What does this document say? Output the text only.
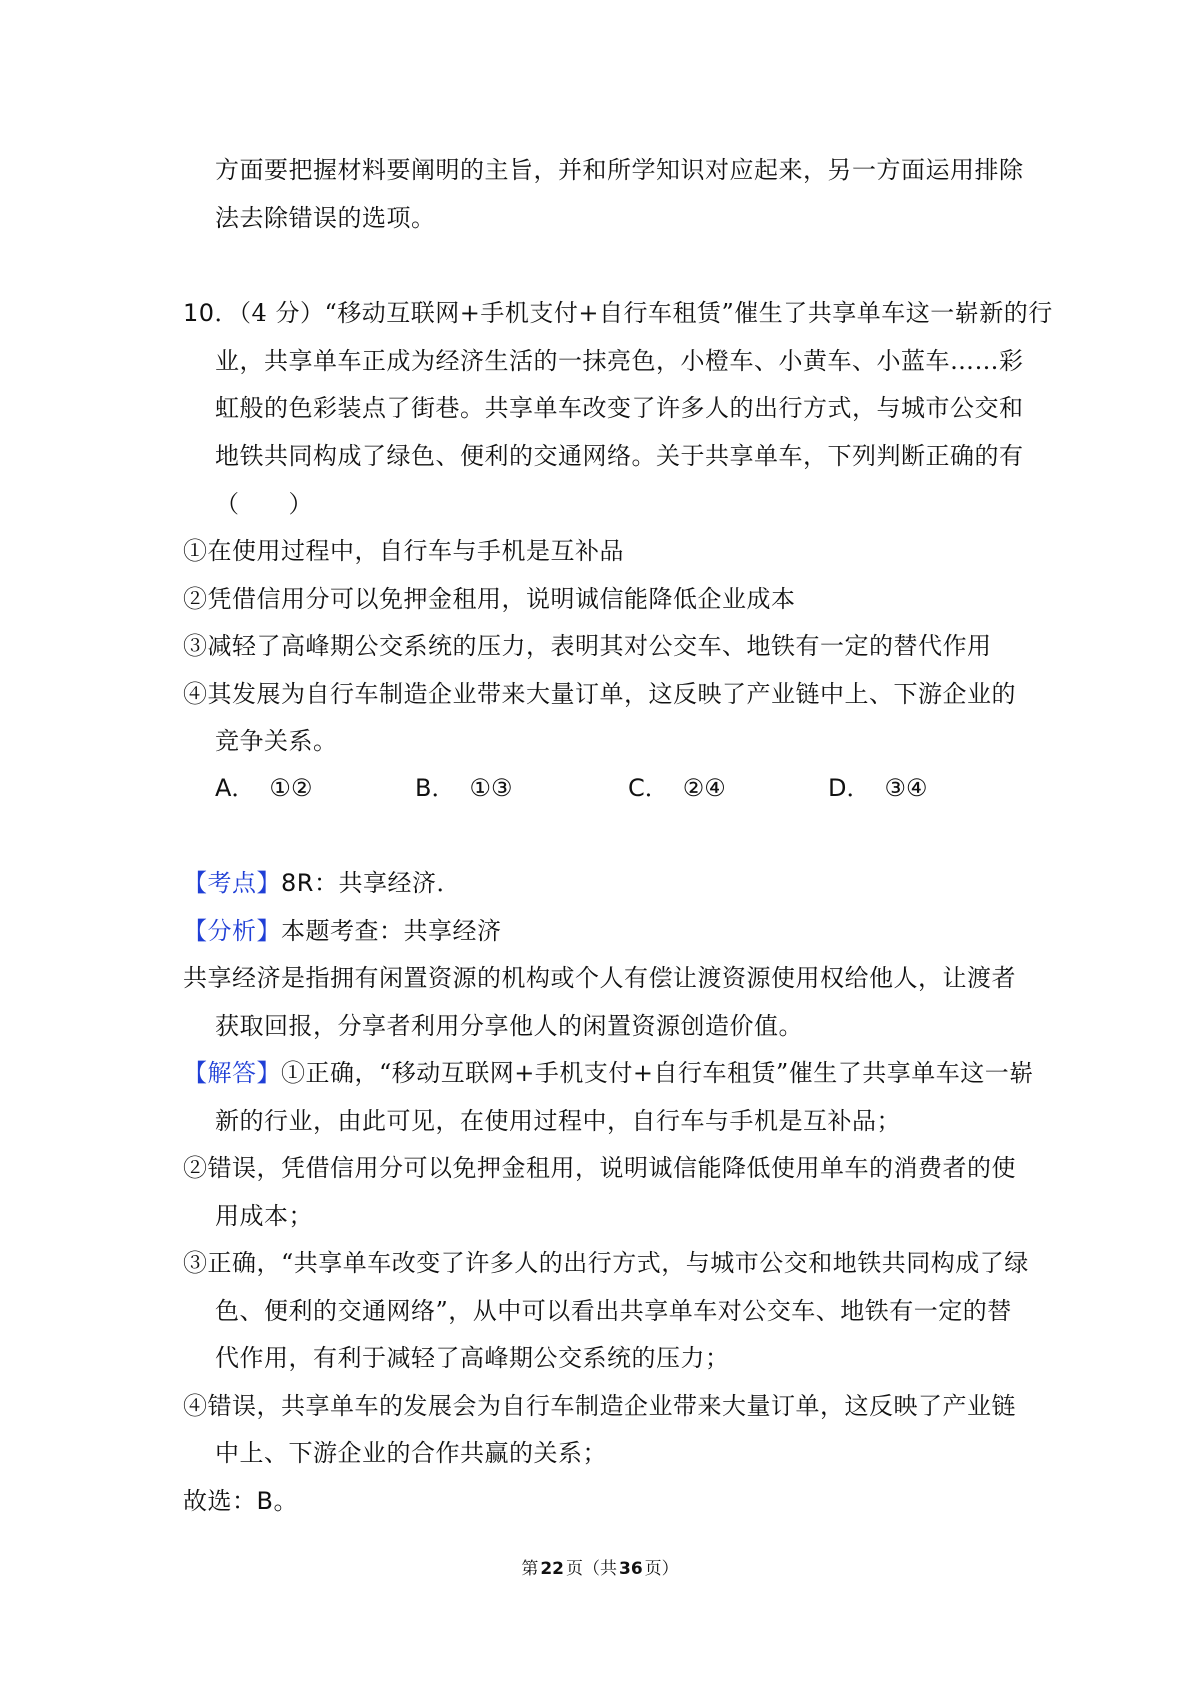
方面要把握材料要阐明的主旨，并和所学知识对应起来，另一方面运用排除
法去除错误的选项。
10．（4 分）“移动互联网+手机支付+自行车租赁”催生了共享单车这一崭新的行
业，共享单车正成为经济生活的一抹亮色，小橙车、小黄车、小蓝车……彩
虹般的色彩装点了街巷。共享单车改变了许多人的出行方式，与城市公交和
地铁共同构成了绿色、便利的交通网络。关于共享单车，下列判断正确的有
（　　）
①在使用过程中，自行车与手机是互补品
②凭借信用分可以免押金租用，说明诚信能降低企业成本
③减轻了高峰期公交系统的压力，表明其对公交车、地铁有一定的替代作用
④其发展为自行车制造企业带来大量订单，这反映了产业链中上、下游企业的
竞争关系。
A． ①②	B． ①③	C． ②④	D． ③④
【考点】8R：共享经济．
【分析】本题考查：共享经济
共享经济是指拥有闲置资源的机构或个人有偿让渡资源使用权给他人，让渡者
获取回报，分享者利用分享他人的闲置资源创造价值。
【解答】①正确，“移动互联网+手机支付+自行车租赁”催生了共享单车这一崭
新的行业，由此可见，在使用过程中，自行车与手机是互补品；
②错误，凭借信用分可以免押金租用，说明诚信能降低使用单车的消费者的使
用成本；
③正确，“共享单车改变了许多人的出行方式，与城市公交和地铁共同构成了绿
色、便利的交通网络”，从中可以看出共享单车对公交车、地铁有一定的替
代作用，有利于减轻了高峰期公交系统的压力；
④错误，共享单车的发展会为自行车制造企业带来大量订单，这反映了产业链
中上、下游企业的合作共赢的关系；
故选：B。
第 22 页（共 36 页）
